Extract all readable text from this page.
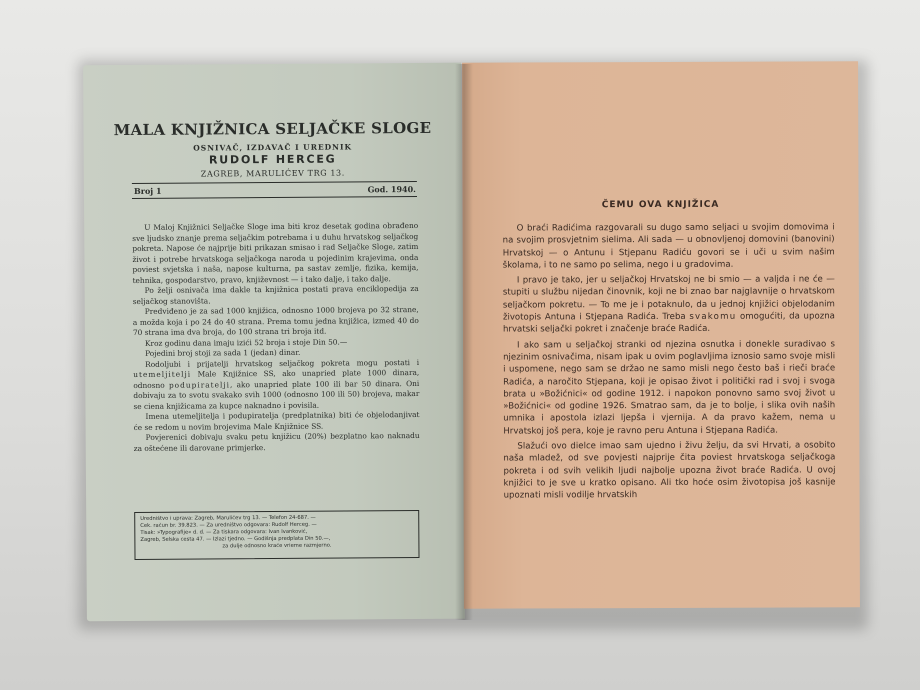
MALA KNJIŽNICA SELJAČKE SLOGE
OSNIVAČ, IZDAVAČ I UREDNIK
RUDOLF HERCEG
ZAGREB, MARULIĆEV TRG 13.
Broj 1	God. 1940.

U Maloj Knjižnici Seljačke Sloge ima biti kroz desetak godina obrađeno sve ljudsko znanje prema seljačkim potrebama i u duhu hrvatskog seljačkog pokreta. Napose će najprije biti prikazan smisao i rad Seljačke Sloge, zatim život i potrebe hrvatskoga seljačkoga naroda u pojedinim krajevima, onda poviest svjetska i naša, napose kulturna, pa sastav zemlje, fizika, kemija, tehnika, gospodarstvo, pravo, književnost — i tako dalje, i tako dalje.

Po želji osnivača ima dakle ta knjižnica postati prava enciklopedija za seljačkog stanovišta.

Predviđeno je za sad 1000 knjižica, odnosno 1000 brojeva po 32 strane, a možda koja i po 24 do 40 strana. Prema tomu jedna knjižica, izmed 40 do 70 strana ima dva broja, do 100 strana tri broja itd.

Kroz godinu dana imaju izići 52 broja i stoje Din 50.—

Pojedini broj stoji za sada 1 (jedan) dinar.

Rodoljubi i prijatelji hrvatskog seljačkog pokreta mogu postati i utemeljitelji Male Knjižnice SS, ako unapried plate 1000 dinara, odnosno podupiratelji, ako unapried plate 100 ili bar 50 dinara. Oni dobivaju za to svotu svakako svih 1000 (odnosno 100 ili 50) brojeva, makar se ciena knjižicama za kupce naknadno i povisila.

Imena utemeljitelja i podupiratelja (predplatnika) biti će objelodanjivat će se redom u novim brojevima Male Knjižnice SS.

Povjerenici dobivaju svaku petu knjižicu (20%) bezplatno kao naknadu za oštećene ili darovane primjerke.

Uredništvo i uprava: Zagreb, Marulićev trg 13. — Telefon 24-687. —
Ček. račun br. 39.823. — Za uredništvo odgovara: Rudolf Herceg. —
Tisak: »Typografije« d. d. — Za tiskara odgovara: Ivan Ivanković,
Zagreb, Selska cesta 47. — Izlazi tjedno. — Godišnja predplata Din 50.—,
za dulje odnosno kraće vrieme razmjerno.
ČEMU OVA KNJIŽICA

O braći Radićima razgovarali su dugo samo seljaci u svojim domovima i na svojim prosvjetnim sielima. Ali sada — u obnovljenoj domovini (banovini) Hrvatskoj — o Antunu i Stjepanu Radiću govori se i uči u svim našim školama, i to ne samo po selima, nego i u gradovima.

I pravo je tako, jer u seljačkoj Hrvatskoj ne bi smio — a valjda i ne će — stupiti u službu nijedan činovnik, koji ne bi znao bar najglavnije o hrvatskom seljačkom pokretu. — To me je i potaknulo, da u jednoj knjižici objelodanim životopis Antuna i Stjepana Radića. Treba svakomu omogućiti, da upozna hrvatski seljački pokret i značenje braće Radića.

I ako sam u seljačkoj stranki od njezina osnutka i donekle suradivao s njezinim osnivačima, nisam ipak u ovim poglavljima iznosio samo svoje misli i uspomene, nego sam se držao ne samo misli nego često baš i rieči braće Radića, a naročito Stjepana, koji je opisao život i politički rad i svoj i svoga brata u »Božićnici« od godine 1912. i napokon ponovno samo svoj život u »Božićnici« od godine 1926. Smatrao sam, da je to bolje, i slika ovih naših umnika i apostola izlazi ljepša i vjernija. A da pravo kažem, nema u Hrvatskoj još pera, koje je ravno peru Antuna i Stjepana Radića.

Slažući ovo dielce imao sam ujedno i živu želju, da svi Hrvati, a osobito naša mladež, od sve povjesti najprije čita poviest hrvatskoga seljačkoga pokreta i od svih velikih ljudi najbolje upozna život braće Radića. U ovoj knjižici to je sve u kratko opisano. Ali tko hoće osim životopisa još kasnije upoznati misli vodilje hrvatskih
